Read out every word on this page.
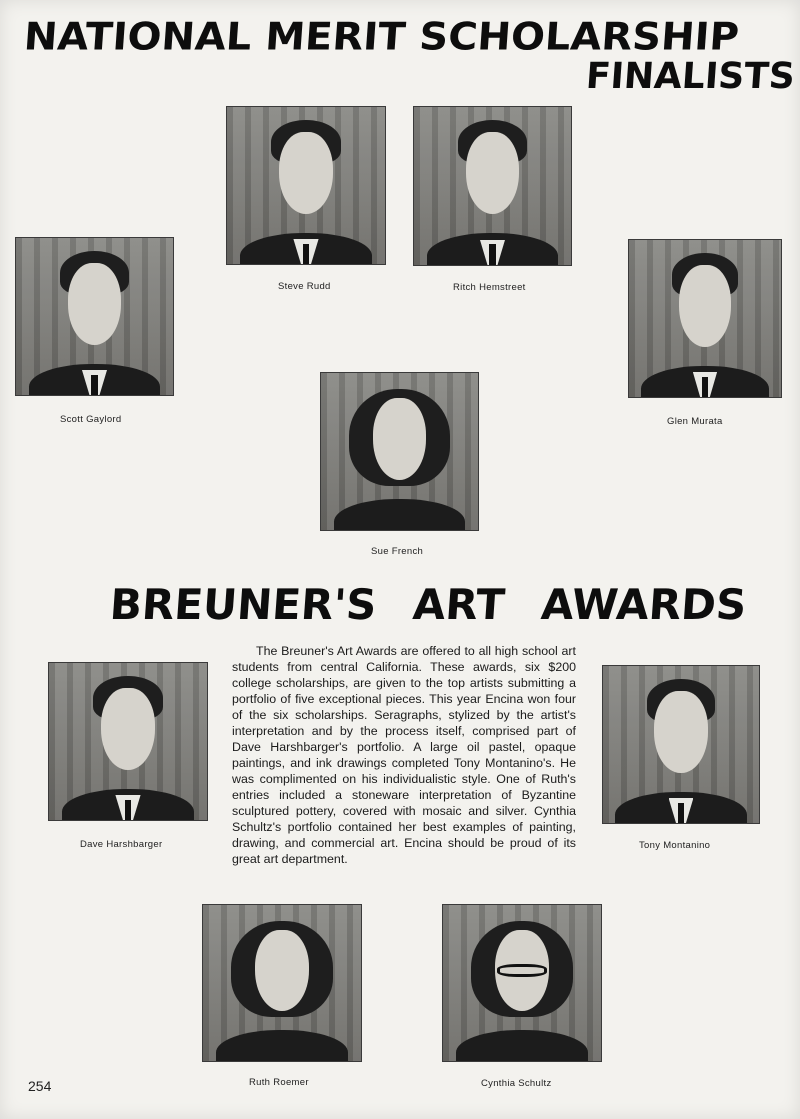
NATIONAL MERIT SCHOLARSHIP
FINALISTS
Steve Rudd	Ritch Hemstreet
Scott Gaylord	Glen Murata
Sue French
BREUNER'S ART AWARDS

The Breuner's Art Awards are offered to all high school art students from central California. These awards, six $200 college scholarships, are given to the top artists submitting a portfolio of five exceptional pieces. This year Encina won four of the six scholarships. Seragraphs, stylized by the artist's interpretation and by the process itself, comprised part of Dave Harshbarger's portfolio. A large oil pastel, opaque paintings, and ink drawings completed Tony Montanino's. He was complimented on his individualistic style. One of Ruth's entries included a stoneware interpretation of Byzantine sculptured pottery, covered with mosaic and silver. Cynthia Schultz's portfolio contained her best examples of painting, drawing, and commercial art. Encina should be proud of its great art department.

Dave Harshbarger	Tony Montanino
Ruth Roemer	Cynthia Schultz
254
